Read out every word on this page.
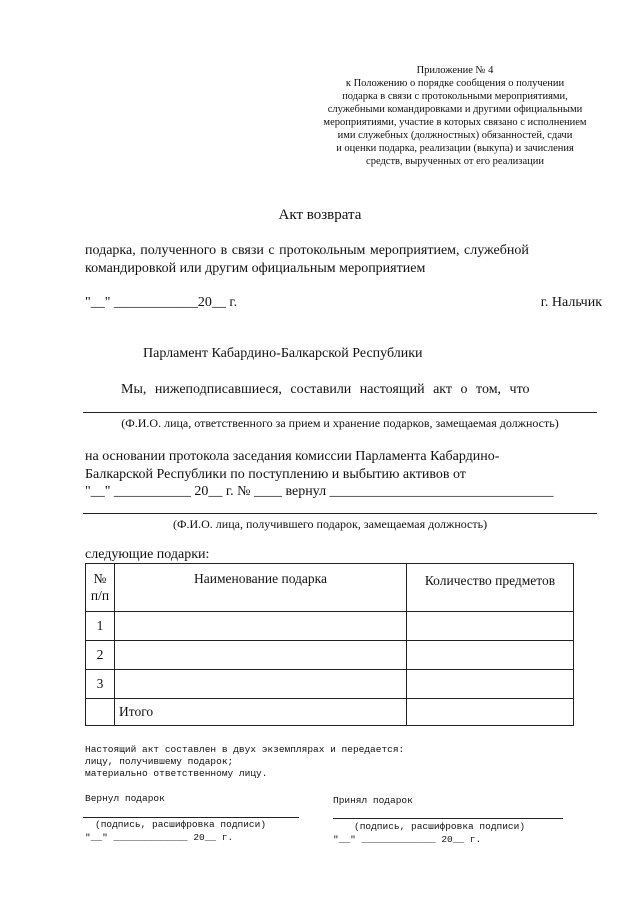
Приложение № 4
к Положению о порядке сообщения о получении
подарка в связи с протокольными мероприятиями,
служебными командировками и другими официальными
мероприятиями, участие в которых связано с исполнением
ими служебных (должностных) обязанностей, сдачи
и оценки подарка, реализации (выкупа) и зачисления
средств, вырученных от его реализации
Акт возврата
подарка, полученного в связи с протокольным мероприятием, служебной
командировкой или другим официальным мероприятием
"__" ____________20__ г.	г. Нальчик
Парламент Кабардино-Балкарской Республики
Мы, нижеподписавшиеся, составили настоящий акт о том, что
(Ф.И.О. лица, ответственного за прием и хранение подарков, замещаемая должность)
на основании протокола заседания комиссии Парламента Кабардино-
Балкарской Республики по поступлению и выбытию активов от
"__" ___________ 20__ г. № ____ вернул ________________________________
(Ф.И.О. лица, получившего подарок, замещаемая должность)
следующие подарки:
№
п/п	Наименование подарка	Количество предметов
1		
2		
3		
	Итого	
Настоящий акт составлен в двух экземплярах и передается:
лицу, получившему подарок;
материально ответственному лицу.
Вернул подарок
(подпись, расшифровка подписи)
"__" _____________ 20__ г.
Принял подарок
(подпись, расшифровка подписи)
"__" _____________ 20__ г.
